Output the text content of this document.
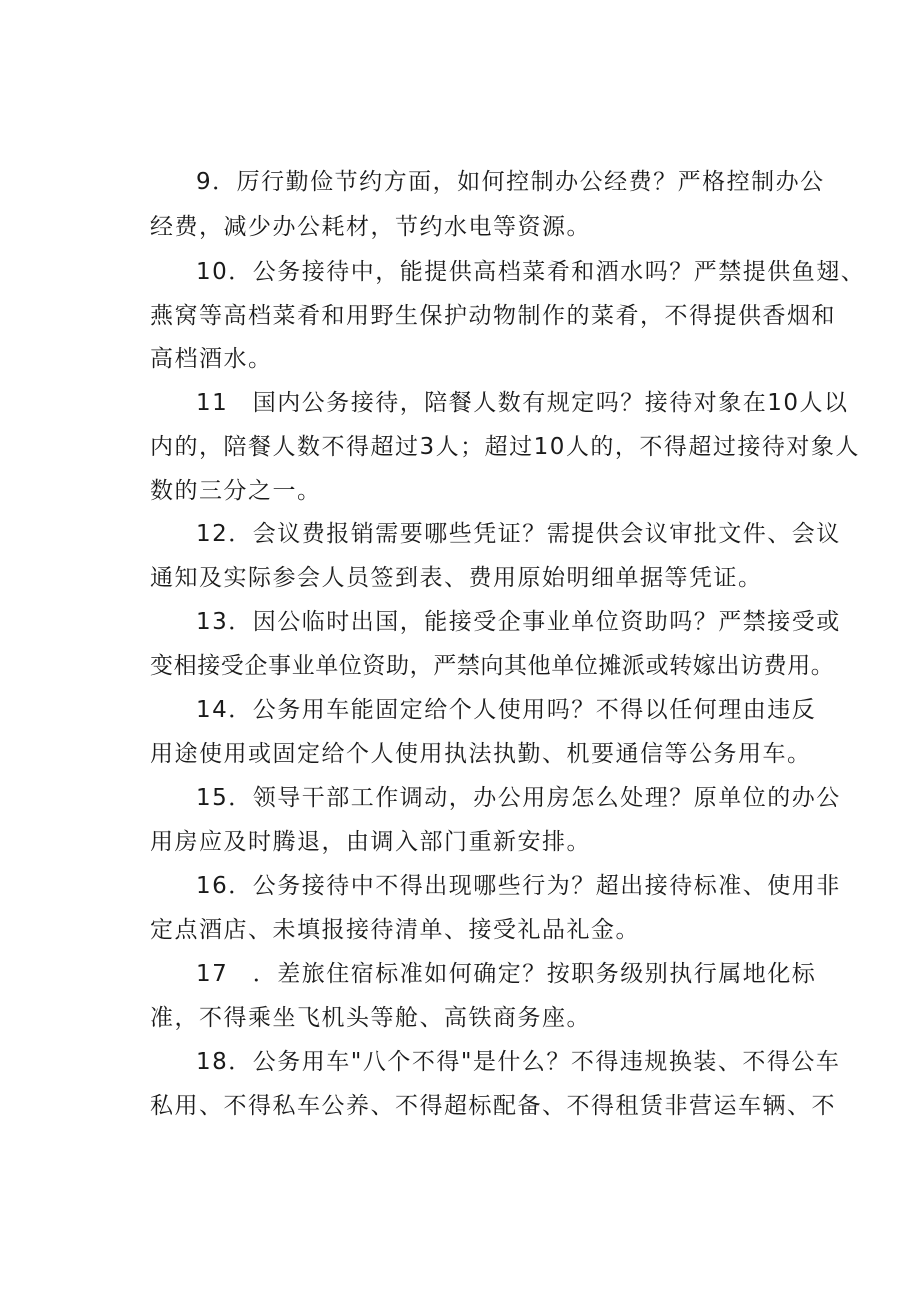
9．厉行勤俭节约方面，如何控制办公经费？严格控制办公
经费，减少办公耗材，节约水电等资源。
10．公务接待中，能提供高档菜肴和酒水吗？严禁提供鱼翅、
燕窝等高档菜肴和用野生保护动物制作的菜肴，不得提供香烟和
高档酒水。
11　国内公务接待，陪餐人数有规定吗？接待对象在10人以
内的，陪餐人数不得超过3人；超过10人的，不得超过接待对象人
数的三分之一。
12．会议费报销需要哪些凭证？需提供会议审批文件、会议
通知及实际参会人员签到表、费用原始明细单据等凭证。
13．因公临时出国，能接受企事业单位资助吗？严禁接受或
变相接受企事业单位资助，严禁向其他单位摊派或转嫁出访费用。
14．公务用车能固定给个人使用吗？不得以任何理由违反
用途使用或固定给个人使用执法执勤、机要通信等公务用车。
15．领导干部工作调动，办公用房怎么处理？原单位的办公
用房应及时腾退，由调入部门重新安排。
16．公务接待中不得出现哪些行为？超出接待标准、使用非
定点酒店、未填报接待清单、接受礼品礼金。
17　．差旅住宿标准如何确定？按职务级别执行属地化标
准，不得乘坐飞机头等舱、高铁商务座。
18．公务用车"八个不得"是什么？不得违规换装、不得公车
私用、不得私车公养、不得超标配备、不得租赁非营运车辆、不
